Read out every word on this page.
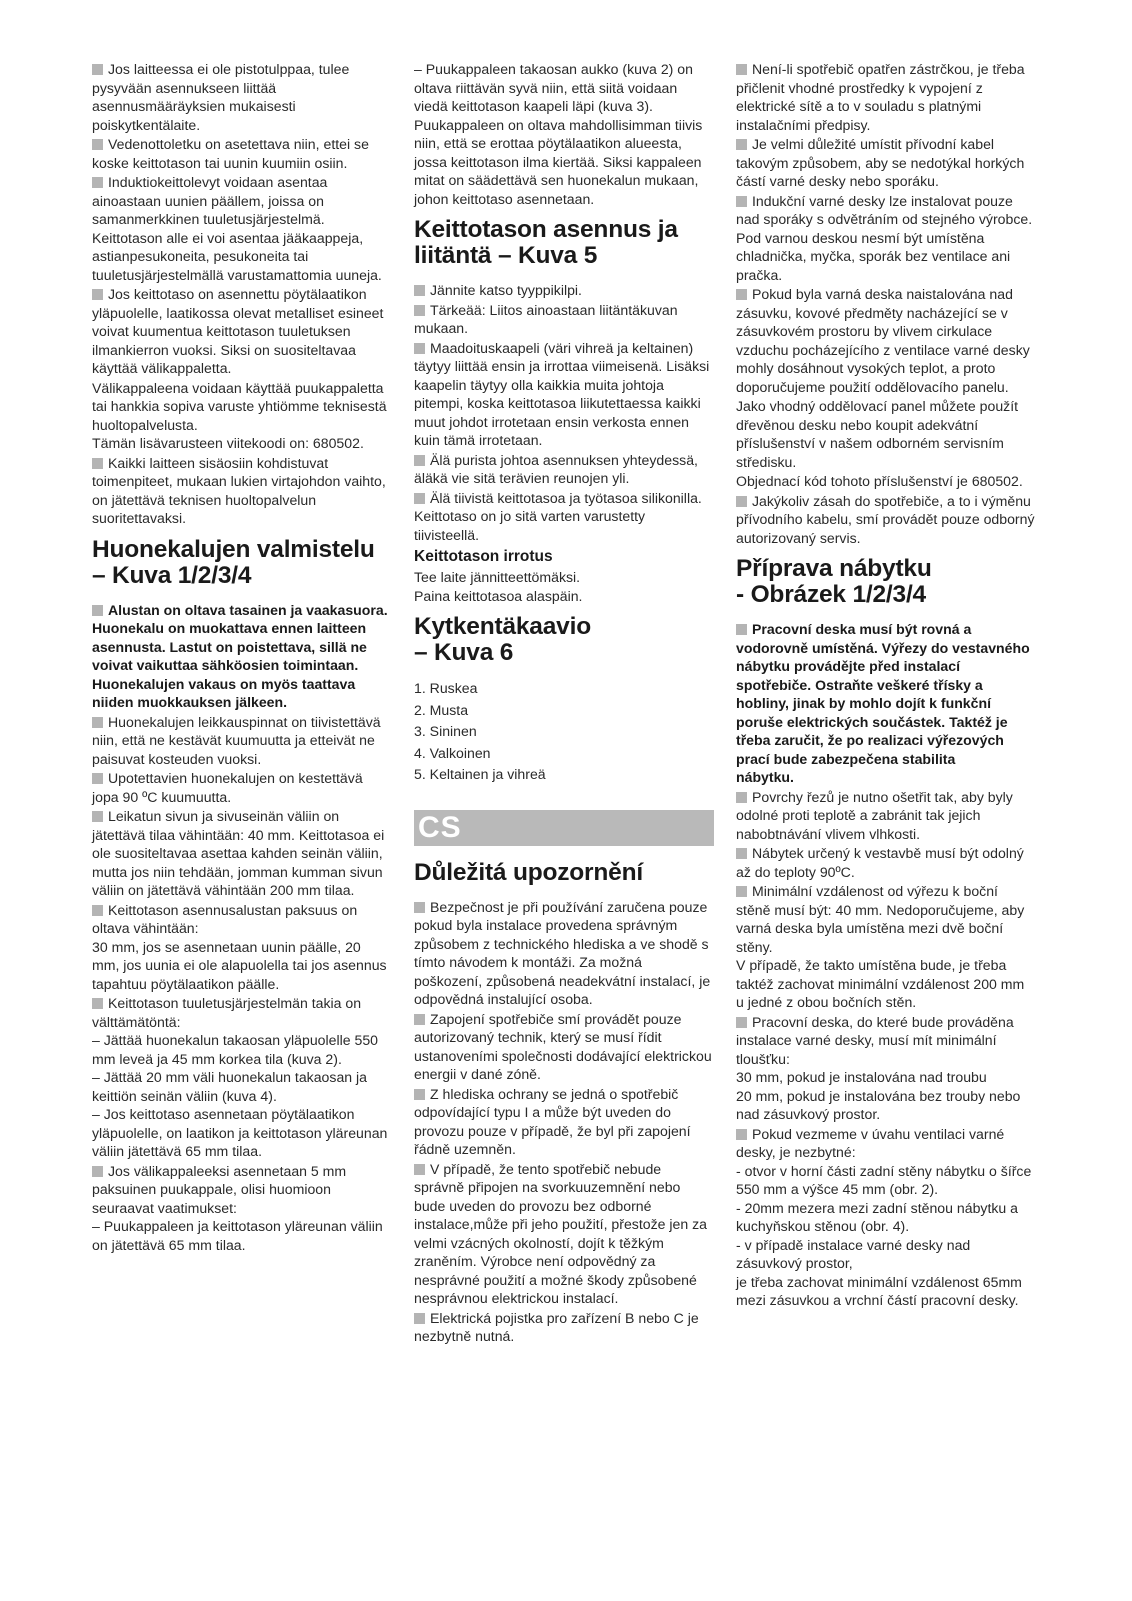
Jos laitteessa ei ole pistotulppaa, tulee pysyvään asennukseen liittää asennusmääräyksien mukaisesti poiskytkentälaite.

Vedenottoletku on asetettava niin, ettei se koske keittotason tai uunin kuumiin osiin.

Induktiokeittolevyt voidaan asentaa ainoastaan uunien päällem, joissa on samanmerkkinen tuuletusjärjestelmä. Keittotason alle ei voi asentaa jääkaappeja, astianpesukoneita, pesukoneita tai tuuletusjärjestelmällä varustamattomia uuneja.

Jos keittotaso on asennettu pöytälaatikon yläpuolelle, laatikossa olevat metalliset esineet voivat kuumentua keittotason tuuletuksen ilmankierron vuoksi. Siksi on suositeltavaa käyttää välikappaletta.

Välikappaleena voidaan käyttää puukappaletta tai hankkia sopiva varuste yhtiömme teknisestä huoltopalvelusta.
Tämän lisävarusteen viitekoodi on: 680502.

Kaikki laitteen sisäosiin kohdistuvat toimenpiteet, mukaan lukien virtajohdon vaihto, on jätettävä teknisen huoltopalvelun suoritettavaksi.

Huonekalujen valmistelu
– Kuva 1/2/3/4

Alustan on oltava tasainen ja vaakasuora. Huonekalu on muokattava ennen laitteen asennusta. Lastut on poistettava, sillä ne voivat vaikuttaa sähköosien toimintaan. Huonekalujen vakaus on myös taattava niiden muokkauksen jälkeen.

Huonekalujen leikkauspinnat on tiivistettävä niin, että ne kestävät kuumuutta ja etteivät ne paisuvat kosteuden vuoksi.

Upotettavien huonekalujen on kestettävä jopa 90 ºC kuumuutta.

Leikatun sivun ja sivuseinän väliin on jätettävä tilaa vähintään: 40 mm. Keittotasoa ei ole suositeltavaa asettaa kahden seinän väliin, mutta jos niin tehdään, jomman kumman sivun väliin on jätettävä vähintään 200 mm tilaa.

Keittotason asennusalustan paksuus on oltava vähintään:
30 mm, jos se asennetaan uunin päälle, 20 mm, jos uunia ei ole alapuolella tai jos asennus tapahtuu pöytälaatikon päälle.

Keittotason tuuletusjärjestelmän takia on välttämätöntä:
– Jättää huonekalun takaosan yläpuolelle 550 mm leveä ja 45 mm korkea tila (kuva 2).
– Jättää 20 mm väli huonekalun takaosan ja keittiön seinän väliin (kuva 4).
– Jos keittotaso asennetaan pöytälaatikon yläpuolelle, on laatikon ja keittotason yläreunan väliin jätettävä 65 mm tilaa.

Jos välikappaleeksi asennetaan 5 mm paksuinen puukappale, olisi huomioon seuraavat vaatimukset:
– Puukappaleen ja keittotason yläreunan väliin on jätettävä 65 mm tilaa.

– Puukappaleen takaosan aukko (kuva 2) on oltava riittävän syvä niin, että siitä voidaan viedä keittotason kaapeli läpi (kuva 3).
Puukappaleen on oltava mahdollisimman tiivis niin, että se erottaa pöytälaatikon alueesta, jossa keittotason ilma kiertää. Siksi kappaleen mitat on säädettävä sen huonekalun mukaan, johon keittotaso asennetaan.

Keittotason asennus ja
liitäntä – Kuva 5

Jännite katso tyyppikilpi.

Tärkeää: Liitos ainoastaan liitäntäkuvan mukaan.

Maadoituskaapeli (väri vihreä ja keltainen) täytyy liittää ensin ja irrottaa viimeisenä. Lisäksi kaapelin täytyy olla kaikkia muita johtoja pitempi, koska keittotasoa liikutettaessa kaikki muut johdot irrotetaan ensin verkosta ennen kuin tämä irrotetaan.

Älä purista johtoa asennuksen yhteydessä, äläkä vie sitä terävien reunojen yli.

Älä tiivistä keittotasoa ja työtasoa silikonilla. Keittotaso on jo sitä varten varustetty tiivisteellä.

Keittotason irrotus

Tee laite jännitteettömäksi.
Paina keittotasoa alaspäin.

Kytkentäkaavio
– Kuva 6
1. Ruskea
2. Musta
3. Sininen
4. Valkoinen
5. Keltainen ja vihreä
CS
Důležitá upozornění

Bezpečnost je při používání zaručena pouze pokud byla instalace provedena správným způsobem z technického hlediska a ve shodě s tímto návodem k montáži. Za možná poškození, způsobená neadekvátní instalací, je odpovědná instalující osoba.

Zapojení spotřebiče smí provádět pouze autorizovaný technik, který se musí řídit ustanoveními společnosti dodávající elektrickou energii v dané zóně.

Z hlediska ochrany se jedná o spotřebič odpovídající typu I a může být uveden do provozu pouze v případě, že byl při zapojení řádně uzemněn.

V případě, že tento spotřebič nebude správně připojen na svorkuuzemnění nebo bude uveden do provozu bez odborné instalace,může při jeho použití, přestože jen za velmi vzácných okolností, dojít k těžkým zraněním. Výrobce není odpovědný za nesprávné použití a možné škody způsobené nesprávnou elektrickou instalací.

Elektrická pojistka pro zařízení B nebo C je nezbytně nutná.

Není-li spotřebič opatřen zástrčkou, je třeba přičlenit vhodné prostředky k vypojení z elektrické sítě a to v souladu s platnými instalačními předpisy.

Je velmi důležité umístit přívodní kabel takovým způsobem, aby se nedotýkal horkých částí varné desky nebo sporáku.

Indukční varné desky lze instalovat pouze nad sporáky s odvětráním od stejného výrobce. Pod varnou deskou nesmí být umístěna chladnička, myčka, sporák bez ventilace ani pračka.

Pokud byla varná deska naistalována nad zásuvku, kovové předměty nacházející se v zásuvkovém prostoru by vlivem cirkulace vzduchu pocházejícího z ventilace varné desky mohly dosáhnout vysokých teplot, a proto doporučujeme použití oddělovacího panelu.

Jako vhodný oddělovací panel můžete použít dřevěnou desku nebo koupit adekvátní příslušenství v našem odborném servisním středisku.

Objednací kód tohoto příslušenství je 680502.

Jakýkoliv zásah do spotřebiče, a to i výměnu přívodního kabelu, smí provádět pouze odborný autorizovaný servis.

Příprava nábytku
- Obrázek 1/2/3/4

Pracovní deska musí být rovná a vodorovně umístěná. Výřezy do vestavného nábytku provádějte před instalací spotřebiče. Ostraňte veškeré třísky a hobliny, jinak by mohlo dojít k funkční poruše elektrických součástek. Taktéž je třeba zaručit, že po realizaci výřezových prací bude zabezpečena stabilita
nábytku.

Povrchy řezů je nutno ošetřit tak, aby byly odolné proti teplotě a zabránit tak jejich nabobtnávání vlivem vlhkosti.

Nábytek určený k vestavbě musí být odolný až do teploty 90ºC.

Minimální vzdálenost od výřezu k boční stěně musí být: 40 mm. Nedoporučujeme, aby varná deska byla umístěna mezi dvě boční stěny.
V případě, že takto umístěna bude, je třeba taktéž zachovat minimální vzdálenost 200 mm u jedné z obou bočních stěn.

Pracovní deska, do které bude prováděna instalace varné desky, musí mít minimální tloušťku:
30 mm, pokud je instalována nad troubu
20 mm, pokud je instalována bez trouby nebo nad zásuvkový prostor.

Pokud vezmeme v úvahu ventilaci varné desky, je nezbytné:
- otvor v horní části zadní stěny nábytku o šířce 550 mm a výšce 45 mm (obr. 2).
- 20mm mezera mezi zadní stěnou nábytku a kuchyňskou stěnou (obr. 4).
- v případě instalace varné desky nad zásuvkový prostor,
je třeba zachovat minimální vzdálenost 65mm mezi zásuvkou a vrchní částí pracovní desky.
